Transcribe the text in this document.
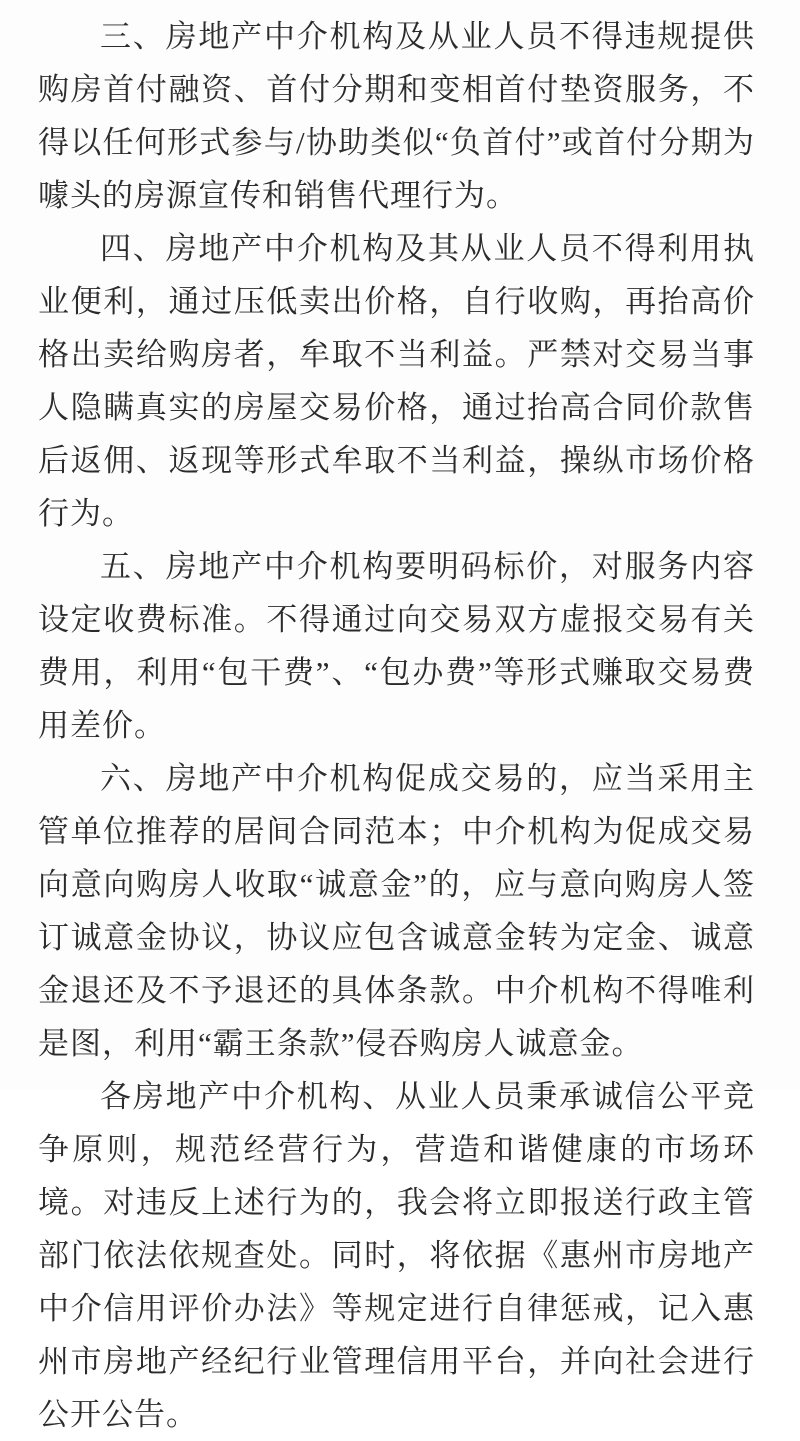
三、房地产中介机构及从业人员不得违规提供购房首付融资、首付分期和变相首付垫资服务，不得以任何形式参与/协助类似“负首付”或首付分期为噱头的房源宣传和销售代理行为。

四、房地产中介机构及其从业人员不得利用执业便利，通过压低卖出价格，自行收购，再抬高价格出卖给购房者，牟取不当利益。严禁对交易当事人隐瞒真实的房屋交易价格，通过抬高合同价款售后返佣、返现等形式牟取不当利益，操纵市场价格行为。

五、房地产中介机构要明码标价，对服务内容设定收费标准。不得通过向交易双方虚报交易有关费用，利用“包干费”、“包办费”等形式赚取交易费用差价。

六、房地产中介机构促成交易的，应当采用主管单位推荐的居间合同范本；中介机构为促成交易向意向购房人收取“诚意金”的，应与意向购房人签订诚意金协议，协议应包含诚意金转为定金、诚意金退还及不予退还的具体条款。中介机构不得唯利是图，利用“霸王条款”侵吞购房人诚意金。

各房地产中介机构、从业人员秉承诚信公平竞争原则，规范经营行为，营造和谐健康的市场环境。对违反上述行为的，我会将立即报送行政主管部门依法依规查处。同时，将依据《惠州市房地产中介信用评价办法》等规定进行自律惩戒，记入惠州市房地产经纪行业管理信用平台，并向社会进行公开公告。
